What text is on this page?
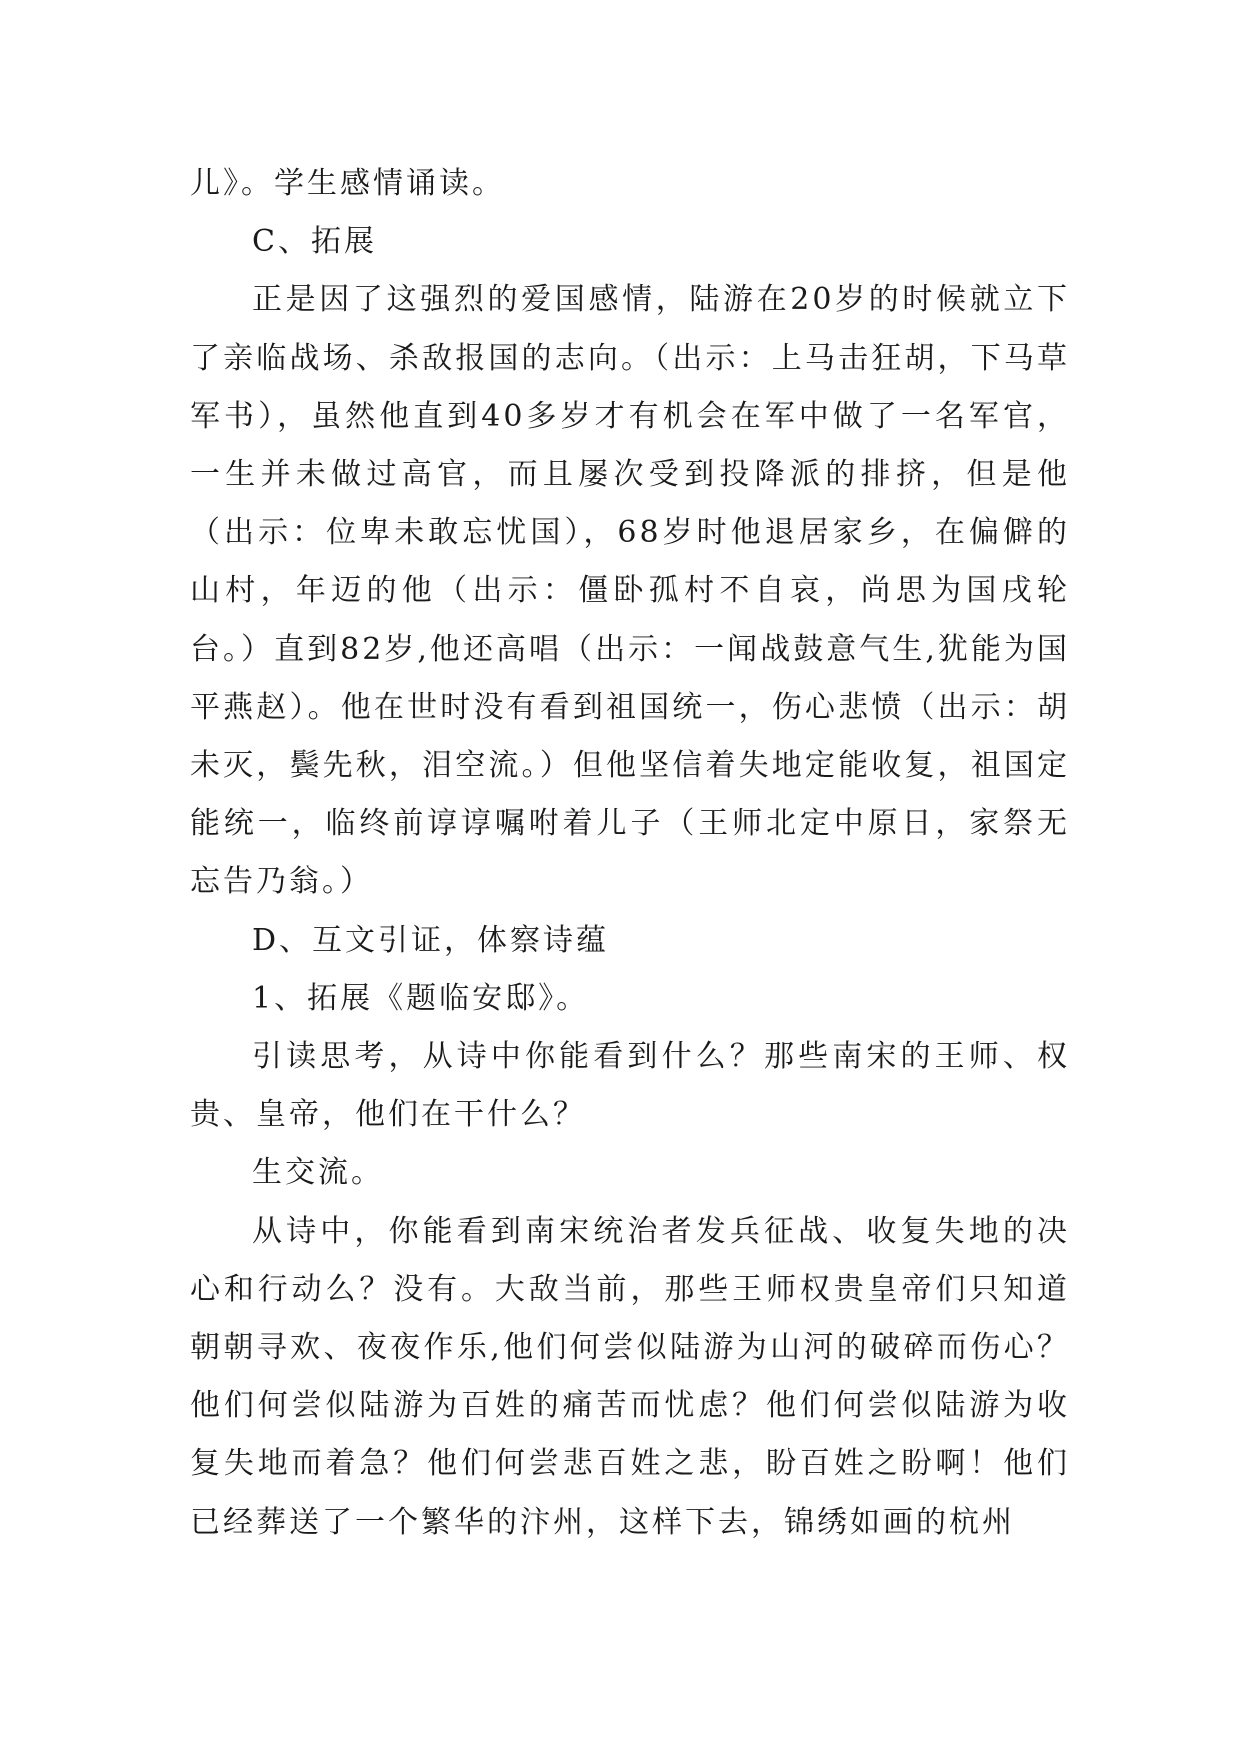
儿》。学生感情诵读。

C、拓展

正是因了这强烈的爱国感情，陆游在20岁的时候就立下了亲临战场、杀敌报国的志向。（出示：上马击狂胡，下马草军书），虽然他直到40多岁才有机会在军中做了一名军官，一生并未做过高官，而且屡次受到投降派的排挤，但是他（出示：位卑未敢忘忧国），68岁时他退居家乡，在偏僻的山村，年迈的他（出示：僵卧孤村不自哀，尚思为国戌轮台。）直到82岁,他还高唱（出示：一闻战鼓意气生,犹能为国平燕赵）。他在世时没有看到祖国统一，伤心悲愤（出示：胡未灭，鬓先秋，泪空流。）但他坚信着失地定能收复，祖国定能统一，临终前谆谆嘱咐着儿子（王师北定中原日，家祭无忘告乃翁。）

D、互文引证，体察诗蕴

1、拓展《题临安邸》。

引读思考，从诗中你能看到什么？那些南宋的王师、权贵、皇帝，他们在干什么？

生交流。

从诗中，你能看到南宋统治者发兵征战、收复失地的决心和行动么？没有。大敌当前，那些王师权贵皇帝们只知道朝朝寻欢、夜夜作乐,他们何尝似陆游为山河的破碎而伤心？他们何尝似陆游为百姓的痛苦而忧虑？他们何尝似陆游为收复失地而着急？他们何尝悲百姓之悲，盼百姓之盼啊！他们已经葬送了一个繁华的汴州，这样下去，锦绣如画的杭州
